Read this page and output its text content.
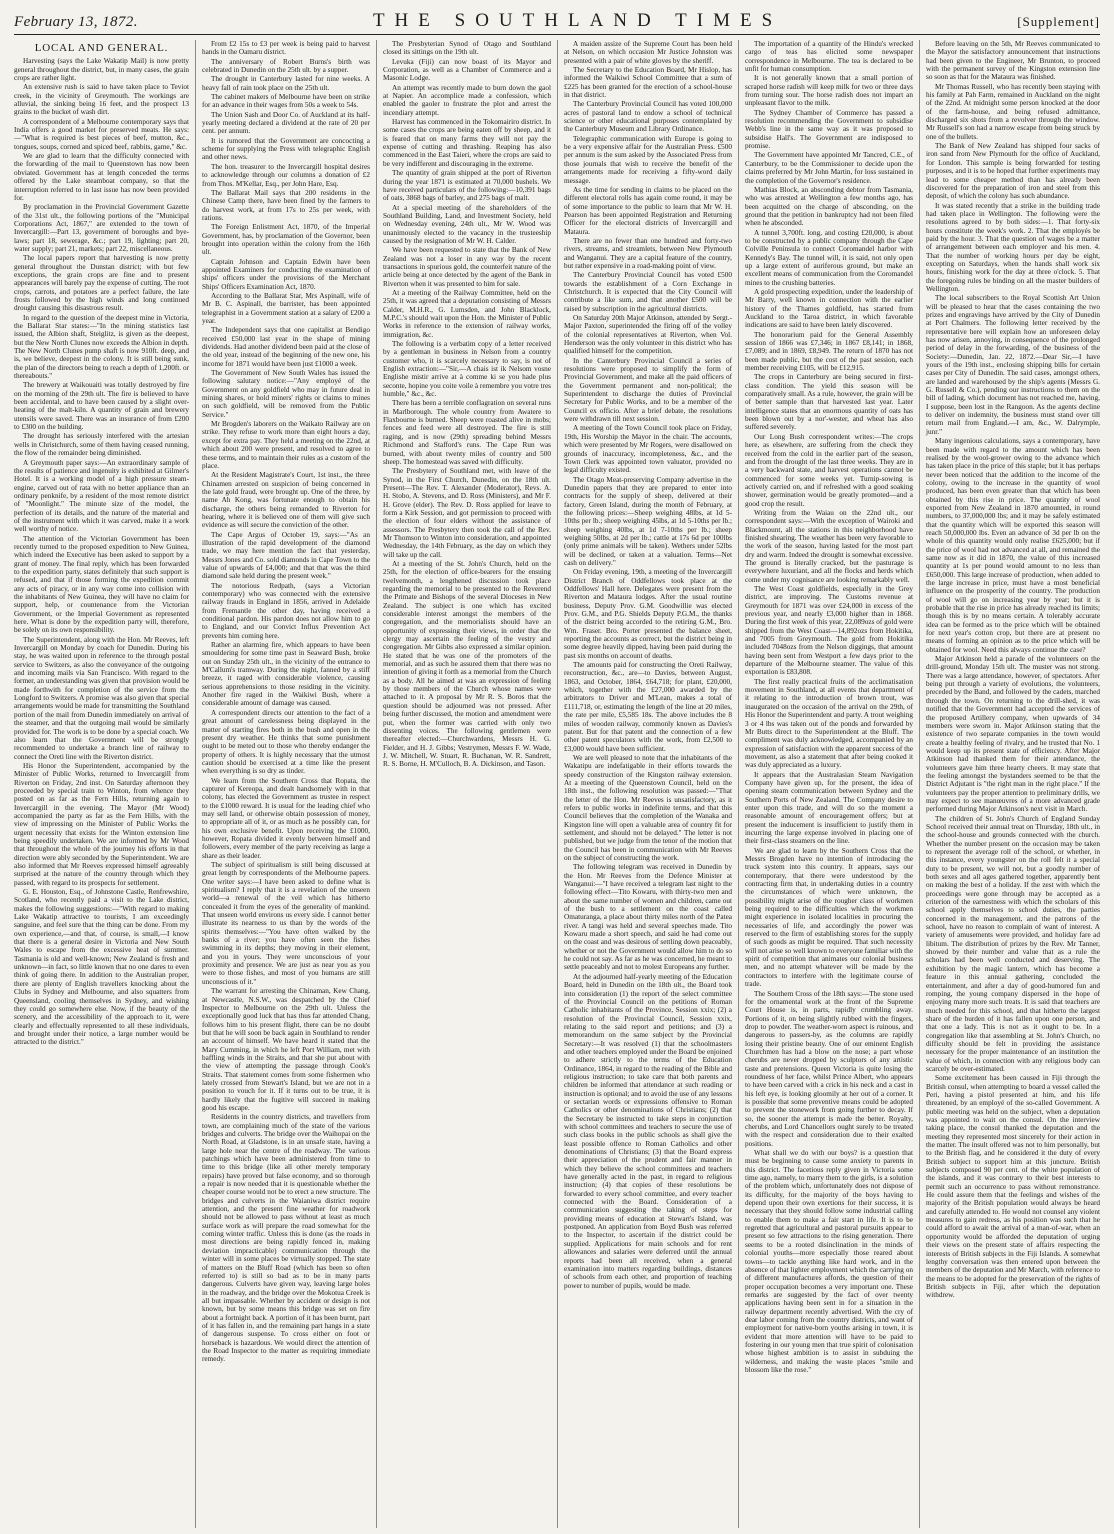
February 13, 1872.	THE SOUTHLAND TIMES	[Supplement]
LOCAL AND GENERAL.

Harvesting (says the Lake Wakatip Mail) is now pretty general throughout the district, but, in many cases, the grain crops are rather light.

An extensive rush is said to have taken place to Teviot creek, in the vicinity of Greymouth. The workings are alluvial, the sinking being 16 feet, and the prospect 13 grains to the bucket of wash dirt.

A correspondent of a Melbourne contemporary says that India offers a good market for preserved meats. He says:—"What is required is best pieces of beef, mutton, &c., tongues, soups, corned and spiced beef, rabbits, game," &c.

We are glad to learn that the difficulty connected with the forwarding of the mail to Queenstown has now been obviated. Government has at length conceded the terms offered by the Lake steamboat company, so that the interruption referred to in last issue has now been provided for.

By proclamation in the Provincial Government Gazette of the 31st ult., the following portions of the "Municipal Corporations Act, 1867," are extended to the town of Invercargill:—Part 13, government of boroughs and bye-laws; part 18, sewerage, &c.; part 19, lighting; part 20, water supply; part 21, markets; part 22, miscellaneous.

The local papers report that harvesting is now pretty general throughout the Dunstan district; with but few exceptions, the grain crops are fine and to present appearances will barely pay the expense of cutting. The root crops, carrots, and potatoes are a perfect failure, the late frosts followed by the high winds and long continued drought causing this disastrous result.

In regard to the question of the deepest mine in Victoria, the Ballarat Star states:—"In the mining statistics last issued, the Albion shaft, Steiglitz, is given as the deepest, but the New North Clunes now exceeds the Albion in depth. The New North Clunes pump shaft is now 910ft. deep, and is, we believe, deepest in the colony. It is still being sunk, the plan of the directors being to reach a depth of 1,200ft. or thereabouts."

The brewery at Waikouaiti was totally destroyed by fire on the morning of the 29th ult. The fire is believed to have been accidental, and to have been caused by a slight over-heating of the malt-kiln. A quantity of grain and brewery utensils were saved. There was an insurance of from £200 to £300 on the building.

The drought has seriously interfered with the artesian wells in Christchurch, some of them having ceased running, the flow of the remainder being diminished.

A Greymouth paper says:—An extraordinary sample of the results of patience and ingenuity is exhibited at Gilmer's Hotel. It is a working model of a high pressure steam-engine, carved out of rata with no better appliance than an ordinary penknife, by a resident of the most remote district of "Moonlight." The minute size of the model, the perfection of its details, and the nature of the material and of the instrument with which it was carved, make it a work well worthy of notice.

The attention of the Victorian Government has been recently turned to the proposed expedition to New Guinea, which indeed the Executive has been asked to support by a grant of money. The final reply, which has been forwarded to the expedition party, states definitely that such support is refused, and that if those forming the expedition commit any acts of piracy, or in any way come into collision with the inhabitants of New Guinea, they will have no claim for support, help, or countenance from the Victorian Government, or the Imperial Government as represented here. What is done by the expedition party will, therefore, be solely on its own responsibility.

The Superintendent, along with the Hon. Mr Reeves, left Invercargill on Monday by coach for Dunedin. During his stay, he was waited upon in reference to the through postal service to Switzers, as also the conveyance of the outgoing and incoming mails via San Francisco. With regard to the former, an understanding was given that provision would be made forthwith for completion of the service from the Longford to Switzers. A promise was also given that special arrangements would be made for transmitting the Southland portion of the mail from Dunedin immediately on arrival of the steamer, and that the outgoing mail would be similarly provided for. The work is to be done by a special coach. We also learn that the Government will be strongly recommended to undertake a branch line of railway to connect the Oreti line with the Riverton district.

His Honor the Superintendent, accompanied by the Minister of Public Works, returned to Invercargill from Riverton on Friday, 2nd inst. On Saturday afternoon they proceeded by special train to Winton, from whence they posted on as far as the Fern Hills, returning again to Invercargill in the evening. The Mayor (Mr Wood) accompanied the party as far as the Fern Hills, with the view of impressing on the Minister of Public Works the urgent necessity that exists for the Winton extension line being speedily undertaken. We are informed by Mr Wood that throughout the whole of the journey his efforts in that direction were ably seconded by the Superintendent. We are also informed that Mr Reeves expressed himself agreeably surprised at the nature of the country through which they passed, with regard to its prospects for settlement.

G. E. Houston, Esq., of Johnstone Castle, Renfrewshire, Scotland, who recently paid a visit to the Lake district, makes the following suggestions:—"With regard to making Lake Wakatip attractive to tourists, I am exceedingly sanguine, and feel sure that the thing can be done. From my own experience,—and that, of course, is small,—I know that there is a general desire in Victoria and New South Wales to escape from the excessive heat of summer. Tasmania is old and well-known; New Zealand is fresh and unknown—in fact, so little known that no one dares to even think of going there. In addition to the Australian proper, there are plenty of English travellers knocking about the Clubs in Sydney and Melbourne, and also squatters from Queensland, cooling themselves in Sydney, and wishing they could go somewhere else. Now, if the beauty of the scenery, and the accessibility of the approach to it, were clearly and effectually represented to all these individuals, and brought under their notice, a large number would be attracted to the district."

From £2 15s to £3 per week is being paid to harvest hands in the Oamaru district.

The anniversary of Robert Burns's birth was celebrated in Dunedin on the 25th ult. by a supper.

The drought in Canterbury lasted for nine weeks. A heavy fall of rain took place on the 25th ult.

The cabinet makers of Melbourne have been on strike for an advance in their wages from 50s a week to 54s.

The Union Sash and Door Co. of Auckland at its half-yearly meeting declared a dividend at the rate of 20 per cent. per annum.

It is rumored that the Government are concocting a scheme for supplying the Press with telegraphic English and other news.

The hon. treasurer to the Invercargill hospital desires to acknowledge through our columns a donation of £2 from Thos. M'Kellar, Esq., per John Hare, Esq.

The Ballarat Mail says that 200 residents in the Chinese Camp there, have been fined by the farmers to do harvest work, at from 17s to 25s per week, with rations.

The Foreign Enlistment Act, 1870, of the Imperial Government, has, by proclamation of the Governor, been brought into operation within the colony from the 16th ult.

Captain Johnson and Captain Edwin have been appointed Examiners for conducting the examination of ships' officers under the provisions of the Merchant Ships' Officers Examination Act, 1870.

According to the Ballarat Star, Mrs Aspinall, wife of Mr B. C. Aspinall, the barrister, has been appointed telegraphist in a Government station at a salary of £200 a year.

The Independent says that one capitalist at Bendigo received £50,000 last year in the shape of mining dividends. Had another dividend been paid at the close of the old year, instead of the beginning of the new one, his income for 1871 would have been just £1000 a week.

The Government of New South Wales has issued the following salutary notice:—"Any employé of the Government on any goldfield who may in future deal in mining shares, or hold miners' rights or claims to mines on such goldfield, will be removed from the Public Service."

Mr Brogden's laborers on the Waikato Railway are on strike. They refuse to work more than eight hours a day, except for extra pay. They held a meeting on the 22nd, at which about 200 were present, and resolved to agree to these terms, and to maintain their rules as a custom of the place.

At the Resident Magistrate's Court, 1st inst., the three Chinamen arrested on suspicion of being concerned in the late gold fraud, were brought up. One of the three, by name Ah Kong, was fortunate enough to obtain his discharge, the others being remanded to Riverton for hearing, where it is believed one of them will give such evidence as will secure the conviction of the other.

The Cape Argus of October 19, says:—"As an illustration of the rapid development of the diamond trade, we may here mention the fact that yesterday, Messrs Jones and Co. sold diamonds in Cape Town to the value of upwards of £4,000; and that that was the third diamond sale held during the present week."

The notorious Redpath, (says a Victorian contemporary) who was connected with the extensive railway frauds in England in 1856, arrived in Adelaide from Fremantle the other day, having received a conditional pardon. His pardon does not allow him to go to England, and our Convict Influx Prevention Act prevents him coming here.

Rather an alarming fire, which appears to have been smouldering for some time past in Seaward Bush, broke out on Sunday 25th ult., in the vicinity of the entrance to M'Callum's tramway. During the night, fanned by a stiff breeze, it raged with considerable violence, causing serious apprehensions to those residing in the vicinity. Another fire raged in the Waikiwi Bush, where a considerable amount of damage was caused.

A correspondent directs our attention to the fact of a great amount of carelessness being displayed in the matter of starting fires both in the bush and open in the present dry weather. He thinks that some punishment ought to be meted out to those who thereby endanger the property of others. It is highly necessary that the utmost caution should be exercised at a time like the present when everything is so dry as tinder.

We learn from the Southern Cross that Ropata, the capturer of Kereopa, and dealt handsomely with in that colony, has elected the Government as trustee in respect to the £1000 reward. It is usual for the leading chief who may sell land, or otherwise obtain possession of money, to appropriate all of it, or as much as he possibly can, for his own exclusive benefit. Upon receiving the £1000, however, Ropata divided it evenly between himself and followers, every member of the party receiving as large a share as their leader.

The subject of spiritualism is still being discussed at great length by correspondents of the Melbourne papers. One writer says:—I have been asked to define what is spiritualism? I reply that it is a revelation of the unseen world—a renewal of the veil which has hitherto concealed it from the eyes of the generality of mankind. That unseen world environs us every side. I cannot better illustrate its nearness to us than by the words of the spirits themselves:—"You have often walked by the banks of a river; you have often seen the fishes swimming in its depths; they moving in their element, and you in yours. They were unconscious of your proximity and presence. We are just as near you as you were to those fishes, and most of you humans are still unconscious of it."

The warrant for arresting the Chinaman, Kew Chang, at Newcastle, N.S.W., was despatched by the Chief Inspector to Melbourne on the 29th ult. Unless the exceptionally good luck that has thus far attended Chang, follows him to his present flight, there can be no doubt but that he will soon be back again in Southland to render an account of himself. We have heard it stated that the Mary Cumming, in which he left Port William, met with baffling winds in the Straits, and that she put about with the view of attempting the passage through Cook's Straits. That statement comes from some fishermen who lately crossed from Stewart's Island, but we are not in a position to vouch for it. If it turns out to be true, it is hardly likely that the fugitive will succeed in making good his escape.

Residents in the country districts, and travellers from town, are complaining much of the state of the various bridges and culverts. The bridge over the Waihopai on the North Road, at Gladstone, is in an unsafe state, having a large hole near the centre of the roadway. The various patchings which have been administered from time to time to this bridge (like all other merely temporary repairs) have proved but false economy, and so thorough a repair is now needed that it is questionable whether the cheaper course would not be to erect a new structure. The bridges and culverts in the Waianiwa district require attention, and the present fine weather for roadwork should not be allowed to pass without at least as much surface work as will prepare the road somewhat for the coming winter traffic. Unless this is done (as the roads in most directions are being rapidly fenced in, making deviation impracticable) communication through the winter will in some places be virtually stopped. The state of matters on the Bluff Road (which has been so often referred to) is still so bad as to be in many parts dangerous. Culverts have given way, leaving large holes in the roadway, and the bridge over the Mokotua Creek is all but impassable. Whether by accident or design is not known, but by some means this bridge was set on fire about a fortnight back. A portion of it has been burnt, part of it has fallen in, and the remaining part hangs in a state of dangerous suspense. To cross either on foot or horseback is hazardous. We would direct the attention of the Road Inspector to the matter as requiring immediate remedy.

The Presbyterian Synod of Otago and Southland closed its sittings on the 19th ult.

Levuka (Fiji) can now boast of its Mayor and Corporation, as well as a Chamber of Commerce and a Masonic Lodge.

An attempt was recently made to burn down the gaol at Napier. An accomplice made a confession, which enabled the gaoler to frustrate the plot and arrest the incendiary attempt.

Harvest has commenced in the Tokomairiro district. In some cases the crops are being eaten off by sheep, and it is feared that on many farms they will not pay the expense of cutting and thrashing. Reaping has also commenced in the East Taieri, where the crops are said to be very indifferent and discouraging in the extreme.

The quantity of grain shipped at the port of Riverton during the year 1871 is estimated at 70,000 bushels. We have received particulars of the following:—10,391 bags of oats, 3868 bags of barley, and 275 bags of malt.

At a special meeting of the shareholders of the Southland Building, Land, and Investment Society, held on Wednesday evening, 24th ult., Mr W. Wood was unanimously elected to the vacancy in the trusteeship caused by the resignation of Mr W. H. Calder.

We have been requested to state that the Bank of New Zealand was not a loser in any way by the recent transactions in spurious gold, the counterfeit nature of the article being at once detected by the agent of the Bank in Riverton when it was presented to him for sale.

At a meeting of the Railway Committee, held on the 25th, it was agreed that a deputation consisting of Messrs Calder, M.H.R., G. Lumsden, and John Blacklock, M.P.C.'s should wait upon the Hon. the Minister of Public Works in reference to the extension of railway works, immigration, &c.

The following is a verbatim copy of a letter received by a gentleman in business in Nelson from a country customer who, it is scarcely necessary to say, is not of English extraction:—"Sir,—A chais ist ik Nelsom vosne Englishe mistir arrive at à comme ki se you hade plus seconte, hopine you coite voile à remembre you votre tres humble," &c., &c.

There has been a terrible conflagration on several runs in Marlborough. The whole country from Awatere to Flaxbourne is burned. Sheep were roasted alive in mobs; fences and feed were all destroyed. The fire is still raging, and is now (29th) spreading behind Messrs Richmond and Stafford's runs. The Cape Run was burned, with about twenty miles of country and 500 sheep. The homestead was saved with difficulty.

The Presbytery of Southland met, with leave of the Synod, in the First Church, Dunedin, on the 18th ult. Present—The Rev. T. Alexander (Moderator), Revs. A. H. Stobo, A. Stevens, and D. Ross (Ministers), and Mr F. H. Grove (elder). The Rev. D. Ross applied for leave to form a Kirk Session, and got permission to proceed with the election of four elders without the assistance of assessors. The Presbytery then took the call of the Rev. Mr Thomson to Winton into consideration, and appointed Wednesday, the 14th February, as the day on which they will take up the call.

At a meeting of the St. John's Church, held on the 25th, for the election of office-bearers for the ensuing twelvemonth, a lengthened discussion took place regarding the memorial to be presented to the Reverend the Primate and Bishops of the several Dioceses in New Zealand. The subject is one which has excited considerable interest amongst the members of the congregation, and the memorialists should have an opportunity of expressing their views, in order that the clergy may ascertain the feeling of the vestry and congregation. Mr Gibbs also expressed a similar opinion. He stated that he was one of the promoters of the memorial, and as such he assured them that there was no intention of giving it forth as a memorial from the Church as a body. All he aimed at was an expression of feeling by those members of the Church whose names were attached to it. A proposal by Mr R. S. Boros that the question should be adjourned was not pressed. After being further discussed, the motion and amendment were put, when the former was carried with only two dissenting voices. The following gentlemen were thereafter elected:—Churchwardens, Messrs H. G. Fielder, and H. J. Gibbs; Vestrymen, Messrs F. W. Wade, J. W. Mitchell, W. Stuart, R. Buchanan, W. R. Sandrett, R. S. Borne, H. M'Culloch, B. A. Dickinson, and Tason.

A maiden assize of the Supreme Court has been held at Nelson, on which occasion Mr Justice Johnston was presented with a pair of white gloves by the sheriff.

The Secretary to the Education Board, Mr Hislop, has informed the Waikiwi School Committee that a sum of £225 has been granted for the erection of a school-house in that district.

The Canterbury Provincial Council has voted 100,000 acres of pastoral land to endow a school of technical science or other educational purposes contemplated by the Canterbury Museum and Library Ordinance.

Telegraphic communication with Europe is going to be a very expensive affair for the Australian Press. £500 per annum is the sum asked by the Associated Press from those journals that wish to receive the benefit of the arrangements made for receiving a fifty-word daily message.

As the time for sending in claims to be placed on the different electoral rolls has again come round, it may be of some importance to the public to learn that Mr W. H. Pearson has been appointed Registration and Returning Officer for the electoral districts of Invercargill and Mataura.

There are no fewer than one hundred and forty-two rivers, streams, and streamlets, between New Plymouth and Wanganui. They are a capital feature of the country, but rather expensive in a road-making point of view.

The Canterbury Provincial Council has voted £500 towards the establishment of a Corn Exchange in Christchurch. It is expected that the City Council will contribute a like sum, and that another £500 will be raised by subscription in the agricultural districts.

On Saturday 20th Major Atkinson, attended by Sergt.-Major Paxton, superintended the firing off of the volley of the colonial representatives at Riverton, when Vol. Henderson was the only volunteer in this district who has qualified himself for the competition.

In the Canterbury Provincial Council a series of resolutions were proposed to simplify the form of Provincial Government, and make all the paid officers of the Government permanent and non-political; the Superintendent to discharge the duties of Provincial Secretary for Public Works, and to be a member of the Council ex officio. After a brief debate, the resolutions were withdrawn till next session.

A meeting of the Town Council took place on Friday, 19th, His Worship the Mayor in the chair. The accounts, which were presented by Mr Rogers, were disallowed on grounds of inaccuracy, incompleteness, &c., and the Town Clerk was appointed town valuator, provided no legal difficulty existed.

The Otago Meat-preserving Company advertise in the Dunedin papers that they are prepared to enter into contracts for the supply of sheep, delivered at their factory, Green Island, during the month of February, at the following prices:—Sheep weighing 48lbs, at 1d 5-10ths per lb.; sheep weighing 45lbs, at 1d 5-10ths per lb.; sheep weighing 40lbs, at 1d 7-10ths per lb.; sheep weighing 50lbs, at 2d per lb.; cattle at 17s 6d per 100lbs (only prime animals will be taken). Wethers under 52lbs will be declined, or taken at a valuation. Terms—Net cash on delivery."

On Friday evening, 19th, a meeting of the Invercargill District Branch of Oddfellows took place at the Oddfellows' Hall here. Delegates were present from the Riverton and Mataura lodges. After the usual routine business, Deputy Prov. G.M. Goodwillie was elected Prov. G.M., and P.G. Shields Deputy P.G.M., the thanks of the district being accorded to the retiring G.M., Bro. Wm. Fraser. Bro. Porter presented the balance sheet, reporting the accounts as correct, but the district being in some degree heavily dipped, having been paid during the past six months on account of deaths.

The amounts paid for constructing the Oreti Railway, reconstruction, &c., are—to Davies, between August, 1863, and October, 1864, £64,718; for plant, £20,000, which, together with the £27,000 awarded by the arbitrators to Driver and M'Lean, makes a total of £111,718, or, estimating the length of the line at 20 miles, the rate per mile, £5,585 18s. The above includes the 8 miles of wooden railway, commonly known as Davies's patent. But for that patent and the connection of a few other patent speculators with the work, from £2,500 to £3,000 would have been sufficient.

We are well pleased to note that the inhabitants of the Wakatipu are indefatigable in their efforts towards the speedy construction of the Kingston railway extension. At a meeting of the Queenstown Council, held on the 18th inst., the following resolution was passed:—"That the letter of the Hon. Mr Reeves is unsatisfactory, as it refers to public works in indefinite terms, and that this Council believes that the completion of the Wanaka and Kingston line will open a valuable area of country fit for settlement, and should not be delayed." The letter is not published, but we judge from the tenor of the motion that the Council has been in communication with Mr Reeves on the subject of constructing the work.

The following telegram was received in Dunedin by the Hon. Mr Reeves from the Defence Minister at Wanganui:—"I have received a telegram last night to the following effect—Tito Kowaru, with thirty-two men and about the same number of women and children, came out of the bush to a settlement on the coast called Omaturanga, a place about thirty miles north of the Patea river. A tangi was held and several speeches made. Tito Kowaru made a short speech, and said he had come out on the coast and was desirous of settling down peaceably, whether or not the Government would allow him to do so he could not say. As far as he was concerned, he meant to settle peaceably and not to molest Europeans any further.

At the adjourned half-yearly meeting of the Education Board, held in Dunedin on the 18th ult., the Board took into consideration (1) the report of the select committee of the Provincial Council on the petitions of Roman Catholic inhabitants of the Province, Session xxix; (2) a resolution of the Provincial Council, Session xxix, relating to the said report and petitions; and (3) a memorandum on the same subject by the Provincial Secretary:—It was resolved (1) that the schoolmasters and other teachers employed under the Board be enjoined to adhere strictly to the terms of the Education Ordinance, 1864, in regard to the reading of the Bible and religious instruction; to take care that both parents and children be informed that attendance at such reading or instruction is optional; and to avoid the use of any lessons or sectarian words or expressions offensive to Roman Catholics or other denominations of Christians; (2) that the Secretary be instructed to take steps in conjunction with school committees and teachers to secure the use of such class books in the public schools as shall give the least possible offence to Roman Catholics and other denominations of Christians; (3) that the Board express their appreciation of the prudent and fair manner in which they believe the school committees and teachers have generally acted in the past, in regard to religious instruction; (4) that copies of these resolutions be forwarded to every school committee, and every teacher connected with the Board. Consideration of a communication suggesting the taking of steps for providing means of education at Stewart's Island, was postponed. An application from Boyd Bush was referred to the Inspector, to ascertain if the district could be supplied. Applications for main schools and for rent allowances and salaries were deferred until the annual reports had been all received, when a general examination into matters regarding buildings, distances of schools from each other, and proportion of teaching power to number of pupils, would be made.

The importation of a quantity of the Hindu's wrecked cargo of teas has elicited some newspaper correspondence in Melbourne. The tea is declared to be unfit for human consumption.

It is not generally known that a small portion of scraped horse radish will keep milk for two or three days from turning sour. The horse radish does not impart an unpleasant flavor to the milk.

The Sydney Chamber of Commerce has passed a resolution recommending the Government to subsidise Webb's line in the same way as it was proposed to subsidise Hall's. The Government are indisposed to promise.

The Government have appointed Mr Tancred, C.E., of Canterbury, to be the Commissioner to decide upon the claims preferred by Mr John Martin, for loss sustained in the completion of the Governor's residence.

Mathias Block, an absconding debtor from Tasmania, who was arrested at Wellington a few months ago, has been acquitted on the charge of absconding, on the ground that the petition in bankruptcy had not been filed when he absconded.

A tunnel 3,700ft. long, and costing £20,000, is about to be constructed by a public company through the Cape Colville Peninsula to connect Coromandel harbor with Kennedy's Bay. The tunnel will, it is said, not only open up a large extent of auriferous ground, but make an excellent means of communication from the Coromandel mines to the crushing batteries.

A gold prospecting expedition, under the leadership of Mr Barry, well known in connection with the earlier history of the Thames goldfield, has started from Auckland to the Taroa district, in which favorable indications are said to have been lately discovered.

The honorarium paid for the General Assembly session of 1866 was £7,346; in 1867 £8,141; in 1868, £7,089; and in 1869, £8,949. The return of 1870 has not been made public, but the cost of the past session, each member receiving £105, will be £12,915.

The crops in Canterbury are being secured in first-class condition. The yield this season will be comparatively small. As a rule, however, the grain will be of better sample than that harvested last year. Later intelligence states that an enormous quantity of oats has been blown out by a nor'-wester, and wheat has also suffered severely.

Our Long Bush correspondent writes:—The crops here, as elsewhere, are suffering from the check they received from the cold in the earlier part of the season, and from the drought of the last three weeks. They are in a very backward state, and harvest operations cannot be commenced for some weeks yet. Turnip-sowing is actively carried on, and if refreshed with a good soaking shower, germination would be greatly promoted—and a good crop the result.

Writing from the Waiau on the 22nd ult., our correspondent says:—With the exception of Wairoki and Blackmount, all the stations in this neighborhood have finished shearing. The weather has been very favorable to the work of the season, having lasted for the most part dry and warm. Indeed the drought is somewhat excessive. The ground is literally cracked, but the pasturage is everywhere luxuriant, and all the flocks and herds which come under my cognisance are looking remarkably well.

The West Coast goldfields, especially in the Grey district, are improving. The Customs revenue at Greymouth for 1871 was over £24,000 in excess of the previous year, and nearly £3,000 higher than in 1868. During the first week of this year, 22,089ozs of gold were shipped from the West Coast—14,892ozs from Hokitika, and 7005 from Greymouth. The gold from Hokitika included 7048ozs from the Nelson diggings, that amount having been sent from Westport a few days prior to the departure of the Melbourne steamer. The value of this exportation is £83,808.

The first really practical fruits of the acclimatisation movement in Southland, at all events that department of it relating to the introduction of brown trout, was inaugurated on the occasion of the arrival on the 29th, of His Honor the Superintendent and party. A trout weighing 3 or 4 lbs was taken out of the ponds and forwarded by Mr Butts direct to the Superintendent at the Bluff. The compliment was duly acknowledged, accompanied by an expression of satisfaction with the apparent success of the movement, as also a statement that after being cooked it was duly appreciated as a luxury.

It appears that the Australasian Steam Navigation Company have given up, for the present, the idea of opening steam communication between Sydney and the Southern Ports of New Zealand. The Company desire to enter upon this trade, and will do so the moment a reasonable amount of encouragement offers; but at present the inducement is insufficient to justify them in incurring the large expense involved in placing one of their first-class steamers on the line.

We are glad to learn by the Southern Cross that the Messrs Brogden have no intention of introducing the truck system into this country. It appears, says our contemporary, that there were understood by the contracting firm that, in undertaking duties in a country the circumstances of which were unknown, the possibility might arise of the rougher class of workmen being required to the difficulties which the workmen might experience in isolated localities in procuring the necessaries of life, and accordingly the power was reserved to the firm of establishing stores for the supply of such goods as might be required. That such necessity will not arise so well known to everyone familiar with the spirit of competition that animates our colonial business men, and no attempt whatever will be made by the contractors to interfere with the legitimate course of trade.

The Southern Cross of the 18th says:—The stone used for the ornamental work at the front of the Supreme Court House is, in parts, rapidly crumbling away. Portions of it, on being slightly rubbed with the fingers, drop to powder. The weather-worn aspect is ruinous, and dangerous to passers-by, as the columns are rapidly losing their pristine beauty. One of our eminent English Churchmen has had a blow on the nose; a part whose cherubs are never dropped by sculptors of any artistic taste and pretensions. Queen Victoria is quite losing the roundness of her face, whilst Prince Albert, who appears to have been carved with a crick in his neck and a cast in his left eye, is looking gloomily at her out of a corner. It is possible that some preventive means could be adopted to prevent the stonework from going further to decay. If so, the sooner the attempt is made the better. Royalty, cherubs, and Lord Chancellors ought surely to be treated with the respect and consideration due to their exalted positions.

What shall we do with our boys? is a question that must be beginning to cause some anxiety to parents in this district. The facetious reply given in Victoria some time ago, namely, to marry them to the girls, is a solution of the problem which, unfortunately does not dispose of its difficulty, for the majority of the boys having to depend upon their own exertions for their success, it is necessary that they should follow some industrial calling to enable them to make a fair start in life. It is to be regretted that agricultural and pastoral pursuits appear to present so few attractions to the rising generation. There seems to be a rooted disinclination in the minds of colonial youths—more especially those reared about towns—to tackle anything like hard work, and in the absence of that lighter employment which the carrying on of different manufactures affords, the question of their proper occupation becomes a very important one. These remarks are suggested by the fact of over twenty applications having been sent in for a situation in the railway department recently advertised. With the cry of dear labor coming from the country districts, and want of employment for native-born youths arising in town, it is evident that more attention will have to be paid to fostering in our young men that true spirit of colonisation whose highest ambition is to assist in subduing the wilderness, and making the waste places "smile and blossom like the rose."

Before leaving on the 5th, Mr Reeves communicated to the Mayor the satisfactory announcement that instructions had been given to the Engineer, Mr Brunton, to proceed with the permanent survey of the Kingston extension line so soon as that for the Mataura was finished.

Mr Thomas Russell, who has recently been staying with his family at Pah Farm, remained in Auckland on the night of the 22nd. At midnight some person knocked at the door of the farm-house, and being refused admittance, discharged six shots from a revolver through the window. Mr Russell's son had a narrow escape from being struck by one of the bullets.

The Bank of New Zealand has shipped four sacks of iron sand from New Plymouth for the office of Auckland, for London. This sample is being forwarded for testing purposes, and it is to be hoped that further experiments may lead to some cheaper method than has already been discovered for the preparation of iron and steel from this deposit, of which the colony has such abundance.

It was stated recently that a strike in the building trade had taken place in Wellington. The following were the resolutions agreed to by both sides:—1. That forty-six hours constitute the week's work. 2. That the employés be paid by the hour. 3. That the question of wages be a matter of arrangement between each employer and his men. 4. That the number of working hours per day be eight, excepting on Saturdays, when the hands shall work six hours, finishing work for the day at three o'clock. 5. That the foregoing rules be binding on all the master builders of Wellington.

The local subscribers to the Royal Scottish Art Union will be pleased to hear that the cases containing the two prizes and engravings have arrived by the City of Dunedin at Port Chalmers. The following letter received by the representative here will explain how an unforeseen delay has now arisen, annoying, in consequence of the prolonged period of delay in the forwarding, of the business of the Society:—Dunedin, Jan. 22, 1872.—Dear Sir,—I have yours of the 19th inst., enclosing shipping bills for certain cases per City of Dunedin. The said cases, amongst others, are landed and warehoused by the ship's agents (Messrs G. G. Russell & Co.), pending our instructions to them on the bill of lading, which document has not reached me, having, I suppose, been lost in the Rangoon. As the agents decline to deliver on indemnity, the business must stand over till return mail from England.—I am, &c., W. Dalrymple, junr."

Many ingenious calculations, says a contemporary, have been made with regard to the amount which has been realised by the wool-grower owing to the advance which has taken place in the price of this staple; but it has perhaps never been noticed that the addition to the income of the colony, owing to the increase in the quantity of wool produced, has been even greater than that which has been obtained by this rise in price. The quantity of wool exported from New Zealand in 1870 amounted, in round numbers, to 37,000,000 lbs; and it may be safely estimated that the quantity which will be exported this season will reach 50,000,000 lbs. Even an advance of 3d per lb on the whole of this quantity would only realise £625,000; but if the price of wool had not advanced at all, and remained the same now as it did in 1870, the value of this increased quantity at 1s per pound would amount to no less than £650,000. This large increase of production, when added to the large increase in price, must have a most beneficial influence on the prosperity of the country. The production of wool will go on increasing year by year; but it is probable that the rise in price has already reached its limits; though this is by no means certain. A tolerably accurate idea can be formed as to the price which will be obtained for next year's cotton crop, but there are at present no means of forming an opinion as to the price which will be obtained for wool. Need this always continue the case?

Major Atkinson held a parade of the volunteers on the drill-ground, Monday 15th ult. The muster was not strong. There was a large attendance, however, of spectators. After being put through a variety of evolutions, the volunteers, preceded by the Band, and followed by the cadets, marched through the town. On returning to the drill-shed, it was notified that the Government had accepted the services of the proposed Artillery company, when upwards of 34 members were sworn in. Major Atkinson stating that the existence of two separate companies in the town would create a healthy feeling of rivalry, and he trusted that No. 1 would keep up its present state of efficiency. After Major Atkinson had thanked them for their attendance, the volunteers gave him three hearty cheers. It may state that the feeling amongst the bystanders seemed to be that the District Adjutant is "the right man in the right place." If the volunteers pay the proper attention to preliminary drills, we may expect to see manœuvres of a more advanced grade performed during Major Atkinson's next visit in March.

The children of St. John's Church of England Sunday School received their annual treat on Thursday, 18th ult., in the school-house and grounds connected with the church. Whether the number present on the occasion may be taken to represent the average roll of the school, or whether, in this instance, every youngster on the roll felt it a special duty to be present, we will not, but a goodly number of both sexes and all ages gathered together, apparently bent on making the best of a holiday. If the zest with which the proceedings were gone through may be accepted as a criterion of the earnestness with which the scholars of this school apply themselves to school duties, the parties concerned in the management, and the patrons of the school, have no reason to complain of want of interest. A variety of amusements were provided, and holiday fare ad libitum. The distribution of prizes by the Rev. Mr Tanner, showed by their number and value that as a rule the scholars had been well conducted and deserving. The exhibition by the magic lantern, which has become a feature in this annual gathering, concluded the entertainment, and after a day of good-humored fun and romping, the young company dispersed in the hope of enjoying many more such treats. It is said that teachers are much needed for this school, and that hitherto the largest share of the burden of it has fallen upon one person, and that one a lady. This is not as it ought to be. In a congregation like that assembling at St. John's Church, no difficulty should be felt in providing the assistance necessary for the proper maintenance of an institution the value of which, in connection with any religious body can scarcely be over-estimated.

Some excitement has been caused in Fiji through the British consul, when attempting to board a vessel called the Peri, having a pistol presented at him, and his life threatened, by an employé of the so-called Government. A public meeting was held on the subject, when a deputation was appointed to wait on the consul. On the interview taking place, the consul thanked the deputation and the meeting they represented most sincerely for their action in the matter. The insult offered was not to him personally, but to the British flag, and he considered it the duty of every British subject to support him at this juncture. British subjects composed 90 per cent. of the white population of the islands, and it was contrary to their best interests to permit such an occurrence to pass without remonstrance. He could assure them that the feelings and wishes of the majority of the British population would always be heard and carefully attended to. He would not counsel any violent measures to gain redress, as his position was such that he could afford to await the arrival of a man-of-war, when an opportunity would be afforded the deputation of urging their views on the present state of affairs respecting the interests of British subjects in the Fiji Islands. A somewhat lengthy conversation was then entered upon between the members of the deputation and Mr March, with reference to the means to be adopted for the preservation of the rights of British subjects in Fiji, after which the deputation withdrew.
